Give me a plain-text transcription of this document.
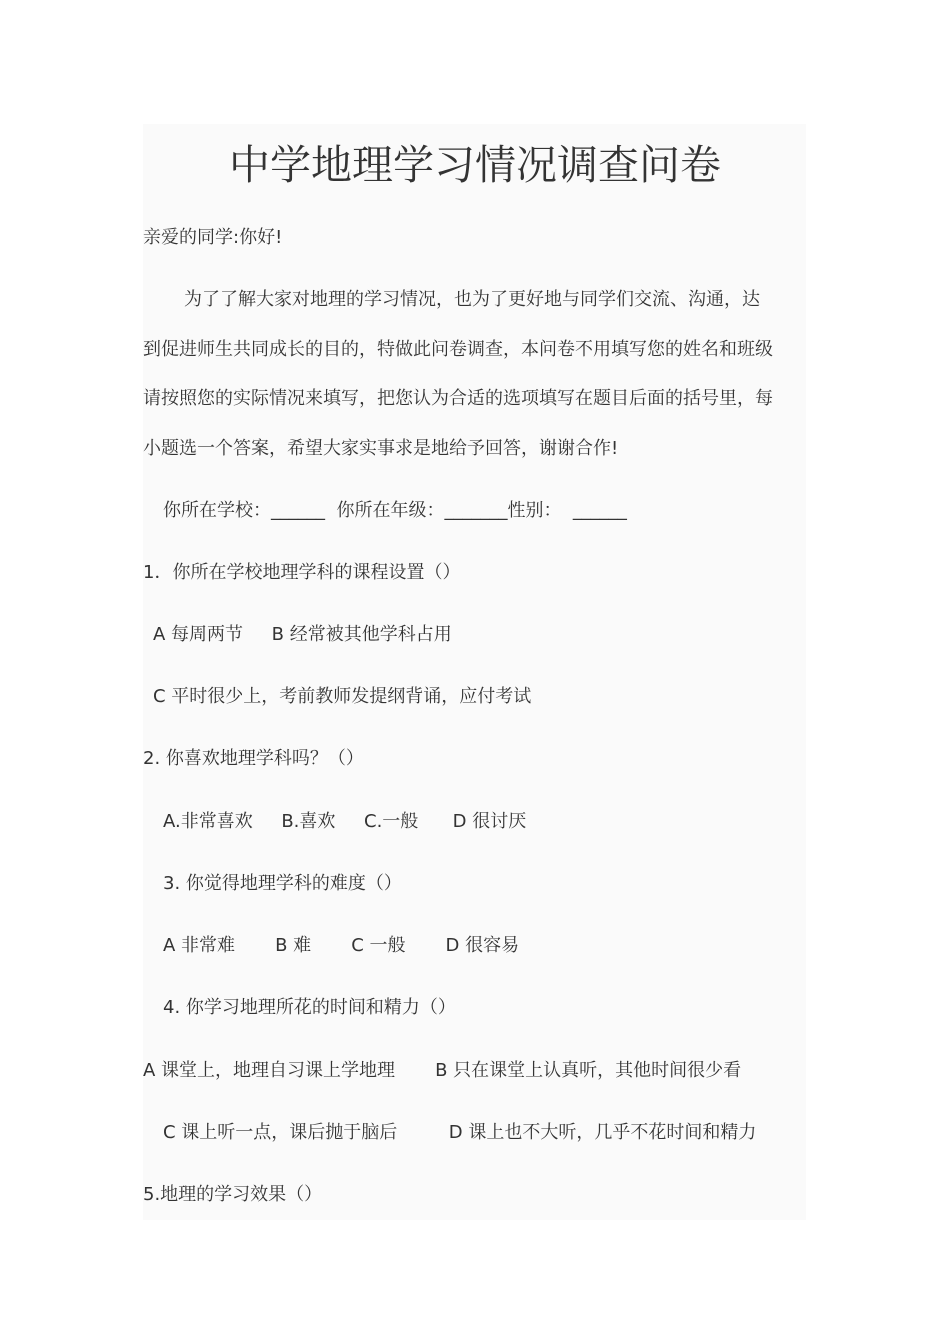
中学地理学习情况调查问卷
亲爱的同学:你好!
为了了解大家对地理的学习情况，也为了更好地与同学们交流、沟通，达
到促进师生共同成长的目的，特做此问卷调查，本问卷不用填写您的姓名和班级
请按照您的实际情况来填写，把您认为合适的选项填写在题目后面的括号里，每
小题选一个答案，希望大家实事求是地给予回答，谢谢合作!
你所在学校：______  你所在年级：_______性别：  ______
1．你所在学校地理学科的课程设置（）
A 每周两节     B 经常被其他学科占用
C 平时很少上，考前教师发提纲背诵，应付考试
2. 你喜欢地理学科吗？（）
A.非常喜欢     B.喜欢     C.一般      D 很讨厌
3. 你觉得地理学科的难度（）
A 非常难       B 难       C 一般       D 很容易
4. 你学习地理所花的时间和精力（）
A 课堂上，地理自习课上学地理       B 只在课堂上认真听，其他时间很少看
C 课上听一点，课后抛于脑后         D 课上也不大听，几乎不花时间和精力
5.地理的学习效果（）
